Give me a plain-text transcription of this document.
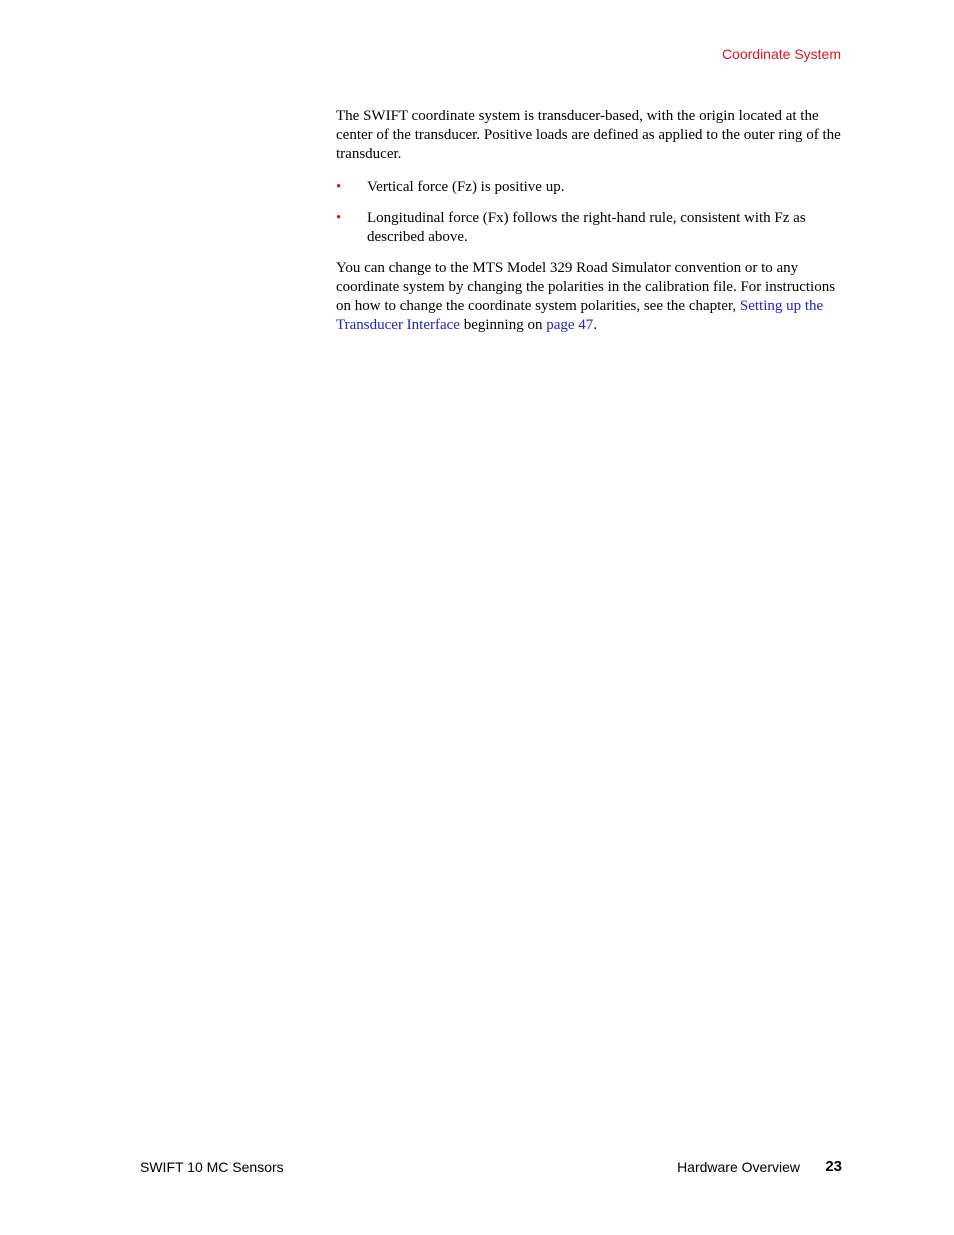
Coordinate System

The SWIFT coordinate system is transducer-based, with the origin located at the center of the transducer. Positive loads are defined as applied to the outer ring of the transducer.

• Vertical force (Fz) is positive up.
• Longitudinal force (Fx) follows the right-hand rule, consistent with Fz as described above.

You can change to the MTS Model 329 Road Simulator convention or to any coordinate system by changing the polarities in the calibration file. For instructions on how to change the coordinate system polarities, see the chapter, Setting up the Transducer Interface beginning on page 47.

SWIFT 10 MC Sensors	Hardware Overview 23
